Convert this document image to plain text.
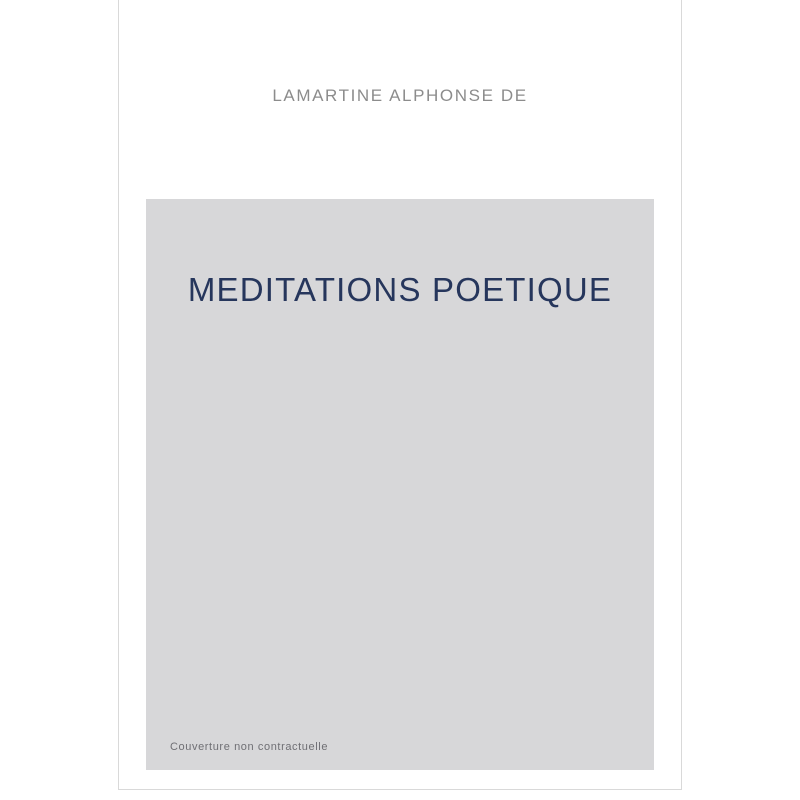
LAMARTINE ALPHONSE DE
MEDITATIONS POETIQUE
Couverture non contractuelle
